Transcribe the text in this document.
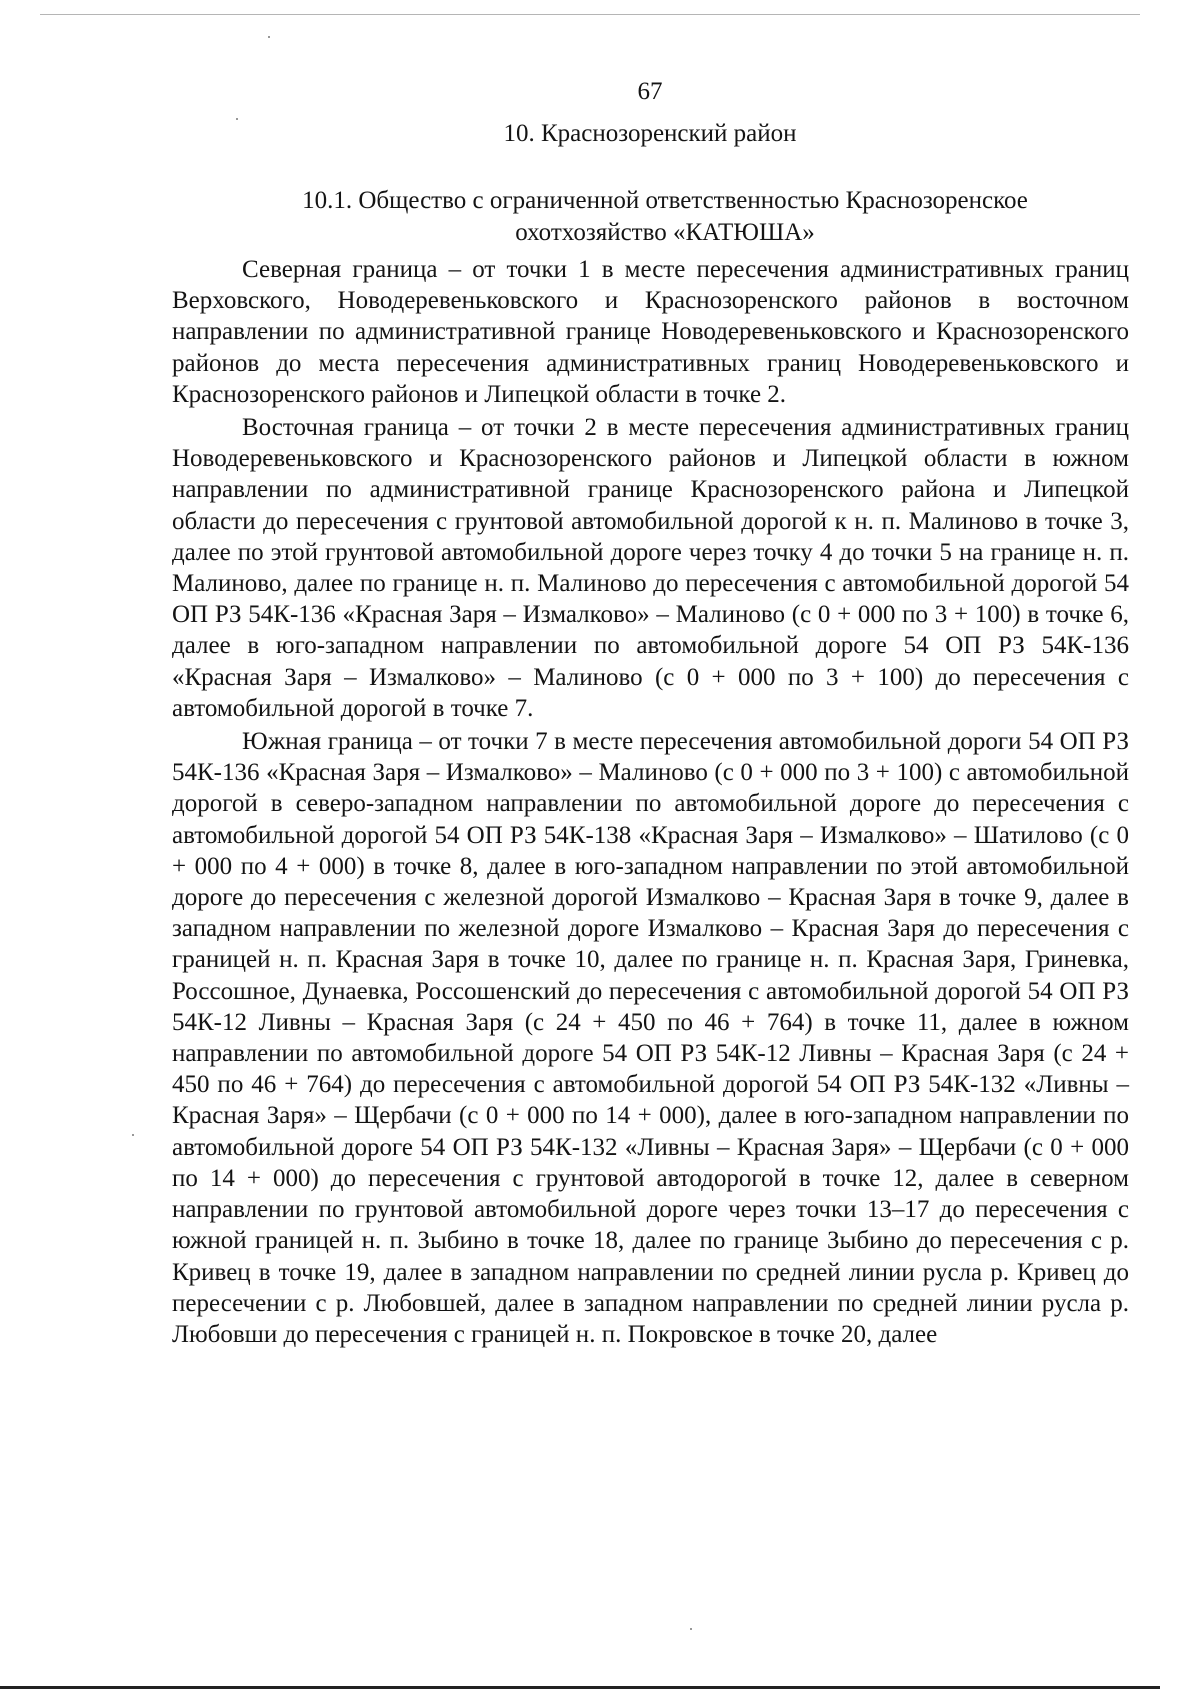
67
10. Краснозоренский район
10.1. Общество с ограниченной ответственностью Краснозоренское охотхозяйство «КАТЮША»

Северная граница – от точки 1 в месте пересечения административных границ Верховского, Новодеревеньковского и Краснозоренского районов в восточном направлении по административной границе Новодеревеньковского и Краснозоренского районов до места пересечения административных границ Новодеревеньковского и Краснозоренского районов и Липецкой области в точке 2.

Восточная граница – от точки 2 в месте пересечения административных границ Новодеревеньковского и Краснозоренского районов и Липецкой области в южном направлении по административной границе Краснозоренского района и Липецкой области до пересечения с грунтовой автомобильной дорогой к н. п. Малиново в точке 3, далее по этой грунтовой автомобильной дороге через точку 4 до точки 5 на границе н. п. Малиново, далее по границе н. п. Малиново до пересечения с автомобильной дорогой 54 ОП РЗ 54К-136 «Красная Заря – Измалково» – Малиново (с 0 + 000 по 3 + 100) в точке 6, далее в юго-западном направлении по автомобильной дороге 54 ОП РЗ 54К-136 «Красная Заря – Измалково» – Малиново (с 0 + 000 по 3 + 100) до пересечения с автомобильной дорогой в точке 7.

Южная граница – от точки 7 в месте пересечения автомобильной дороги 54 ОП РЗ 54К-136 «Красная Заря – Измалково» – Малиново (с 0 + 000 по 3 + 100) с автомобильной дорогой в северо-западном направлении по автомобильной дороге до пересечения с автомобильной дорогой 54 ОП РЗ 54К-138 «Красная Заря – Измалково» – Шатилово (с 0 + 000 по 4 + 000) в точке 8, далее в юго-западном направлении по этой автомобильной дороге до пересечения с железной дорогой Измалково – Красная Заря в точке 9, далее в западном направлении по железной дороге Измалково – Красная Заря до пересечения с границей н. п. Красная Заря в точке 10, далее по границе н. п. Красная Заря, Гриневка, Россошное, Дунаевка, Россошенский до пересечения с автомобильной дорогой 54 ОП РЗ 54К-12 Ливны – Красная Заря (с 24 + 450 по 46 + 764) в точке 11, далее в южном направлении по автомобильной дороге 54 ОП РЗ 54К-12 Ливны – Красная Заря (с 24 + 450 по 46 + 764) до пересечения с автомобильной дорогой 54 ОП РЗ 54К-132 «Ливны – Красная Заря» – Щербачи (с 0 + 000 по 14 + 000), далее в юго-западном направлении по автомобильной дороге 54 ОП РЗ 54К-132 «Ливны – Красная Заря» – Щербачи (с 0 + 000 по 14 + 000) до пересечения с грунтовой автодорогой в точке 12, далее в северном направлении по грунтовой автомобильной дороге через точки 13–17 до пересечения с южной границей н. п. Зыбино в точке 18, далее по границе Зыбино до пересечения с р. Кривец в точке 19, далее в западном направлении по средней линии русла р. Кривец до пересечении с р. Любовшей, далее в западном направлении по средней линии русла р. Любовши до пересечения с границей н. п. Покровское в точке 20, далее
